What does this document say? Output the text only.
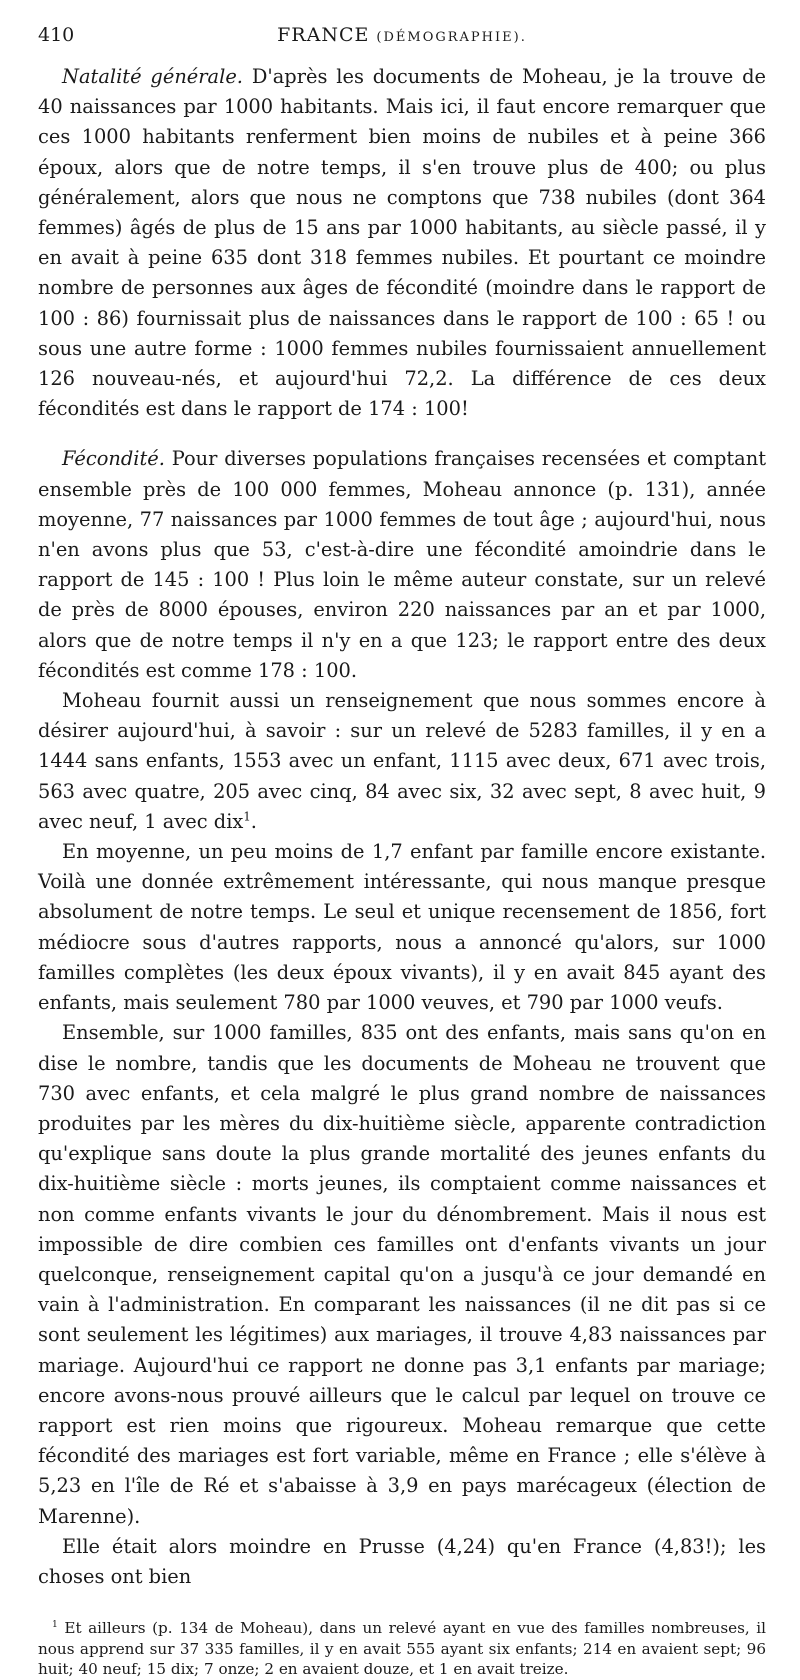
410	FRANCE (DÉMOGRAPHIE).

Natalité générale. D'après les documents de Moheau, je la trouve de 40 naissances par 1000 habitants. Mais ici, il faut encore remarquer que ces 1000 habitants renferment bien moins de nubiles et à peine 366 époux, alors que de notre temps, il s'en trouve plus de 400; ou plus généralement, alors que nous ne comptons que 738 nubiles (dont 364 femmes) âgés de plus de 15 ans par 1000 habitants, au siècle passé, il y en avait à peine 635 dont 318 femmes nubiles. Et pourtant ce moindre nombre de personnes aux âges de fécondité (moindre dans le rapport de 100 : 86) fournissait plus de naissances dans le rapport de 100 : 65 ! ou sous une autre forme : 1000 femmes nubiles fournissaient annuellement 126 nouveau-nés, et aujourd'hui 72,2. La différence de ces deux fécondités est dans le rapport de 174 : 100!

Fécondité. Pour diverses populations françaises recensées et comptant ensemble près de 100 000 femmes, Moheau annonce (p. 131), année moyenne, 77 naissances par 1000 femmes de tout âge ; aujourd'hui, nous n'en avons plus que 53, c'est-à-dire une fécondité amoindrie dans le rapport de 145 : 100 ! Plus loin le même auteur constate, sur un relevé de près de 8000 épouses, environ 220 naissances par an et par 1000, alors que de notre temps il n'y en a que 123; le rapport entre des deux fécondités est comme 178 : 100.

Moheau fournit aussi un renseignement que nous sommes encore à désirer aujourd'hui, à savoir : sur un relevé de 5283 familles, il y en a 1444 sans enfants, 1553 avec un enfant, 1115 avec deux, 671 avec trois, 563 avec quatre, 205 avec cinq, 84 avec six, 32 avec sept, 8 avec huit, 9 avec neuf, 1 avec dix$^1$.

En moyenne, un peu moins de 1,7 enfant par famille encore existante. Voilà une donnée extrêmement intéressante, qui nous manque presque absolument de notre temps. Le seul et unique recensement de 1856, fort médiocre sous d'autres rapports, nous a annoncé qu'alors, sur 1000 familles complètes (les deux époux vivants), il y en avait 845 ayant des enfants, mais seulement 780 par 1000 veuves, et 790 par 1000 veufs.

Ensemble, sur 1000 familles, 835 ont des enfants, mais sans qu'on en dise le nombre, tandis que les documents de Moheau ne trouvent que 730 avec enfants, et cela malgré le plus grand nombre de naissances produites par les mères du dix-huitième siècle, apparente contradiction qu'explique sans doute la plus grande mortalité des jeunes enfants du dix-huitième siècle : morts jeunes, ils comptaient comme naissances et non comme enfants vivants le jour du dénombrement. Mais il nous est impossible de dire combien ces familles ont d'enfants vivants un jour quelconque, renseignement capital qu'on a jusqu'à ce jour demandé en vain à l'administration. En comparant les naissances (il ne dit pas si ce sont seulement les légitimes) aux mariages, il trouve 4,83 naissances par mariage. Aujourd'hui ce rapport ne donne pas 3,1 enfants par mariage; encore avons-nous prouvé ailleurs que le calcul par lequel on trouve ce rapport est rien moins que rigoureux. Moheau remarque que cette fécondité des mariages est fort variable, même en France ; elle s'élève à 5,23 en l'île de Ré et s'abaisse à 3,9 en pays marécageux (élection de Marenne).

Elle était alors moindre en Prusse (4,24) qu'en France (4,83!); les choses ont bien

$^1$ Et ailleurs (p. 134 de Moheau), dans un relevé ayant en vue des familles nombreuses, il nous apprend sur 37 335 familles, il y en avait 555 ayant six enfants; 214 en avaient sept; 96 huit; 40 neuf; 15 dix; 7 onze; 2 en avaient douze, et 1 en avait treize.
